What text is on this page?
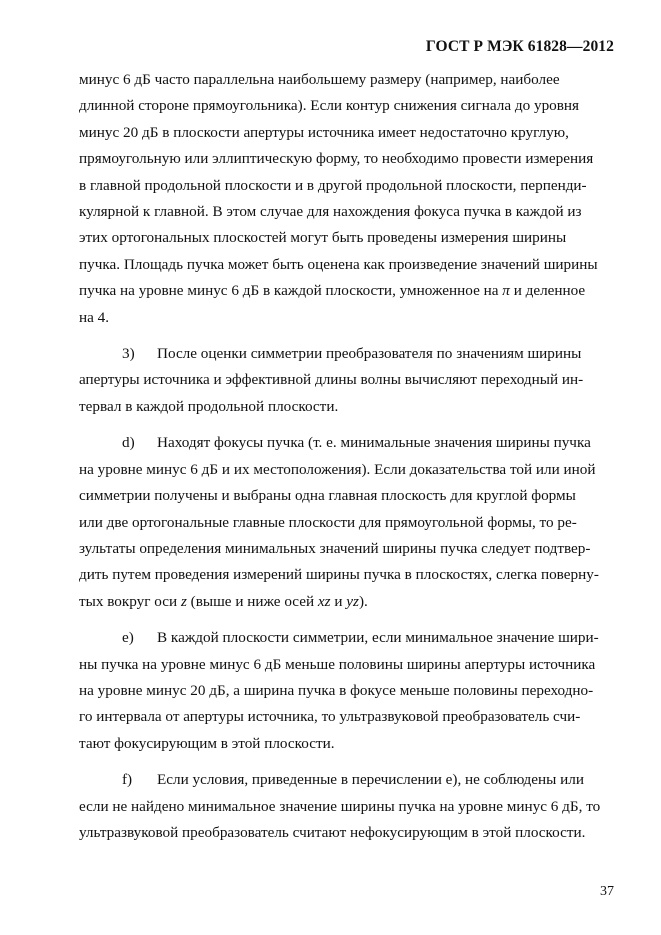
ГОСТ Р МЭК 61828—2012
минус 6 дБ часто параллельна наибольшему размеру (например, наиболее
длинной стороне прямоугольника). Если контур снижения сигнала до уровня
минус 20 дБ в плоскости апертуры источника имеет недостаточно круглую,
прямоугольную или эллиптическую форму, то необходимо провести измерения
в главной продольной плоскости и в другой продольной плоскости, перпенди-
кулярной к главной. В этом случае для нахождения фокуса пучка в каждой из
этих ортогональных плоскостей могут быть проведены измерения ширины
пучка. Площадь пучка может быть оценена как произведение значений ширины
пучка на уровне минус 6 дБ в каждой плоскости, умноженное на π и деленное
на 4.
3) После оценки симметрии преобразователя по значениям ширины
апертуры источника и эффективной длины волны вычисляют переходный ин-
тервал в каждой продольной плоскости.
d) Находят фокусы пучка (т. е. минимальные значения ширины пучка
на уровне минус 6 дБ и их местоположения). Если доказательства той или иной
симметрии получены и выбраны одна главная плоскость для круглой формы
или две ортогональные главные плоскости для прямоугольной формы, то ре-
зультаты определения минимальных значений ширины пучка следует подтвер-
дить путем проведения измерений ширины пучка в плоскостях, слегка поверну-
тых вокруг оси z (выше и ниже осей xz и yz).
e) В каждой плоскости симметрии, если минимальное значение шири-
ны пучка на уровне минус 6 дБ меньше половины ширины апертуры источника
на уровне минус 20 дБ, а ширина пучка в фокусе меньше половины переходно-
го интервала от апертуры источника, то ультразвуковой преобразователь счи-
тают фокусирующим в этой плоскости.
f) Если условия, приведенные в перечислении е), не соблюдены или
если не найдено минимальное значение ширины пучка на уровне минус 6 дБ, то
ультразвуковой преобразователь считают нефокусирующим в этой плоскости.
37
